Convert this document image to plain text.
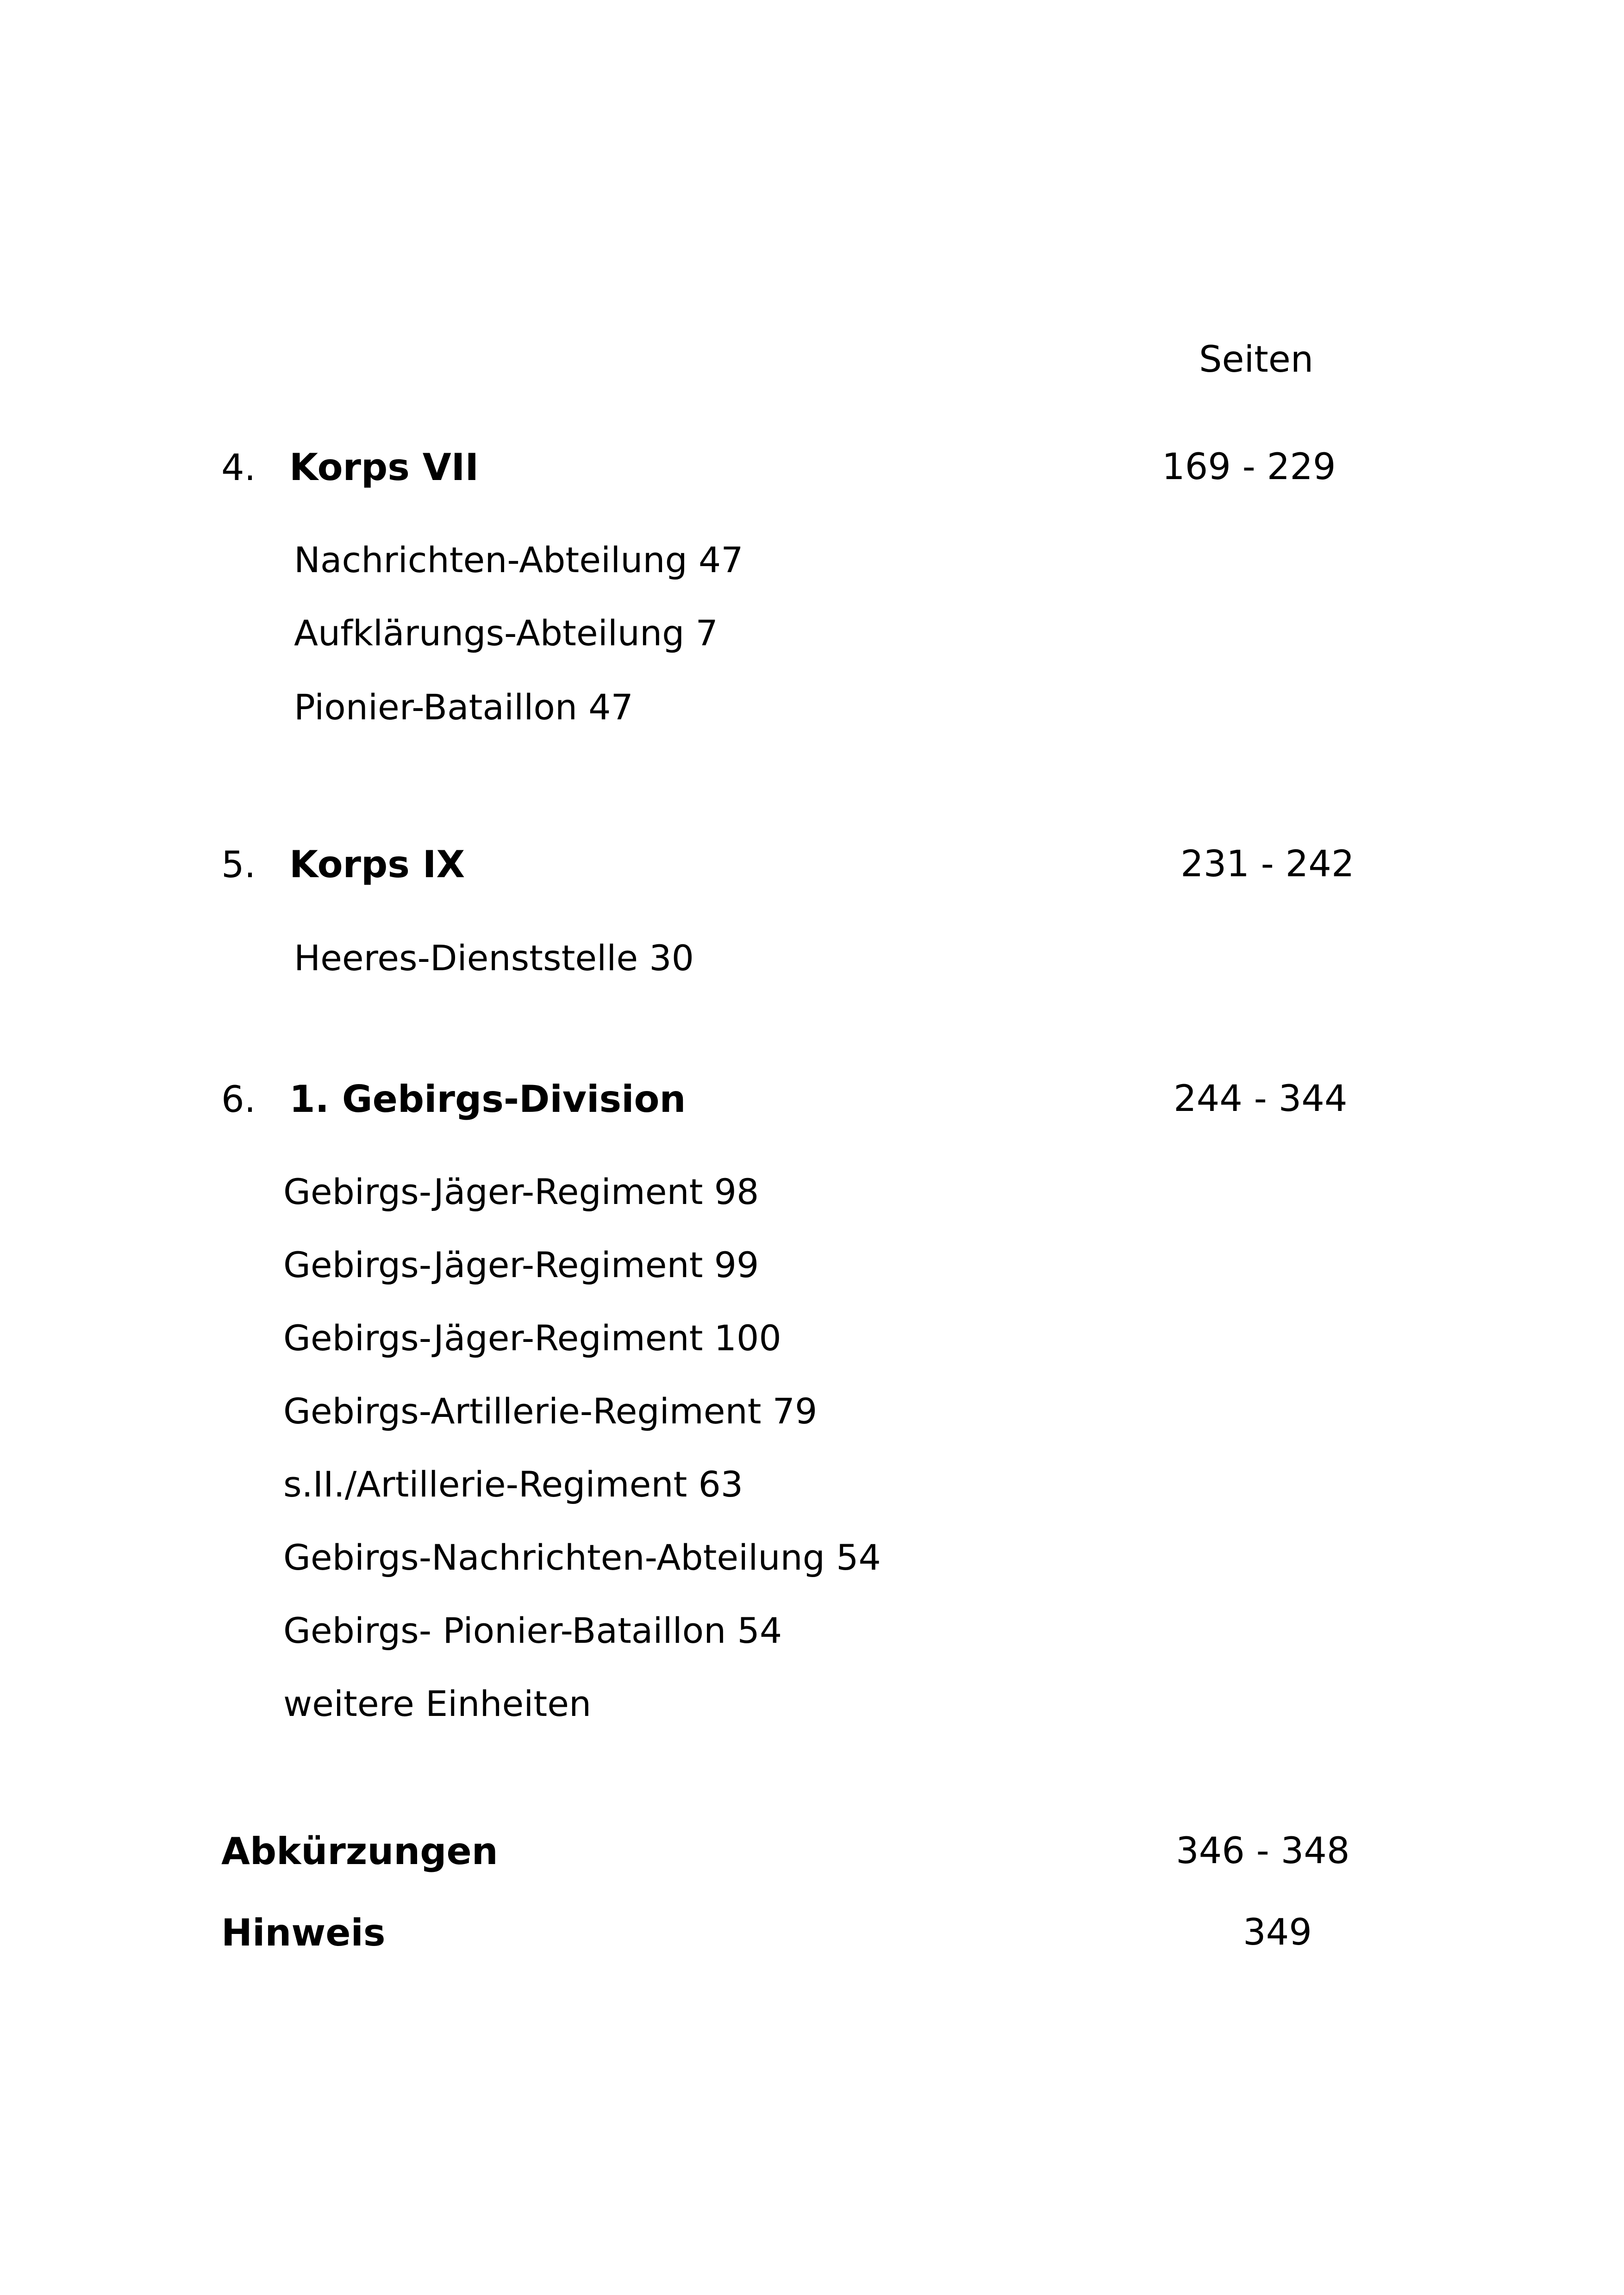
Seiten
4. Korps VII	169 - 229
Nachrichten-Abteilung 47
Aufklärungs-Abteilung 7
Pionier-Bataillon 47
5. Korps IX	231 - 242
Heeres-Dienststelle 30
6. 1. Gebirgs-Division	244 - 344
Gebirgs-Jäger-Regiment 98
Gebirgs-Jäger-Regiment 99
Gebirgs-Jäger-Regiment 100
Gebirgs-Artillerie-Regiment 79
s.II./Artillerie-Regiment 63
Gebirgs-Nachrichten-Abteilung 54
Gebirgs- Pionier-Bataillon 54
weitere Einheiten
Abkürzungen	346 - 348
Hinweis	349
